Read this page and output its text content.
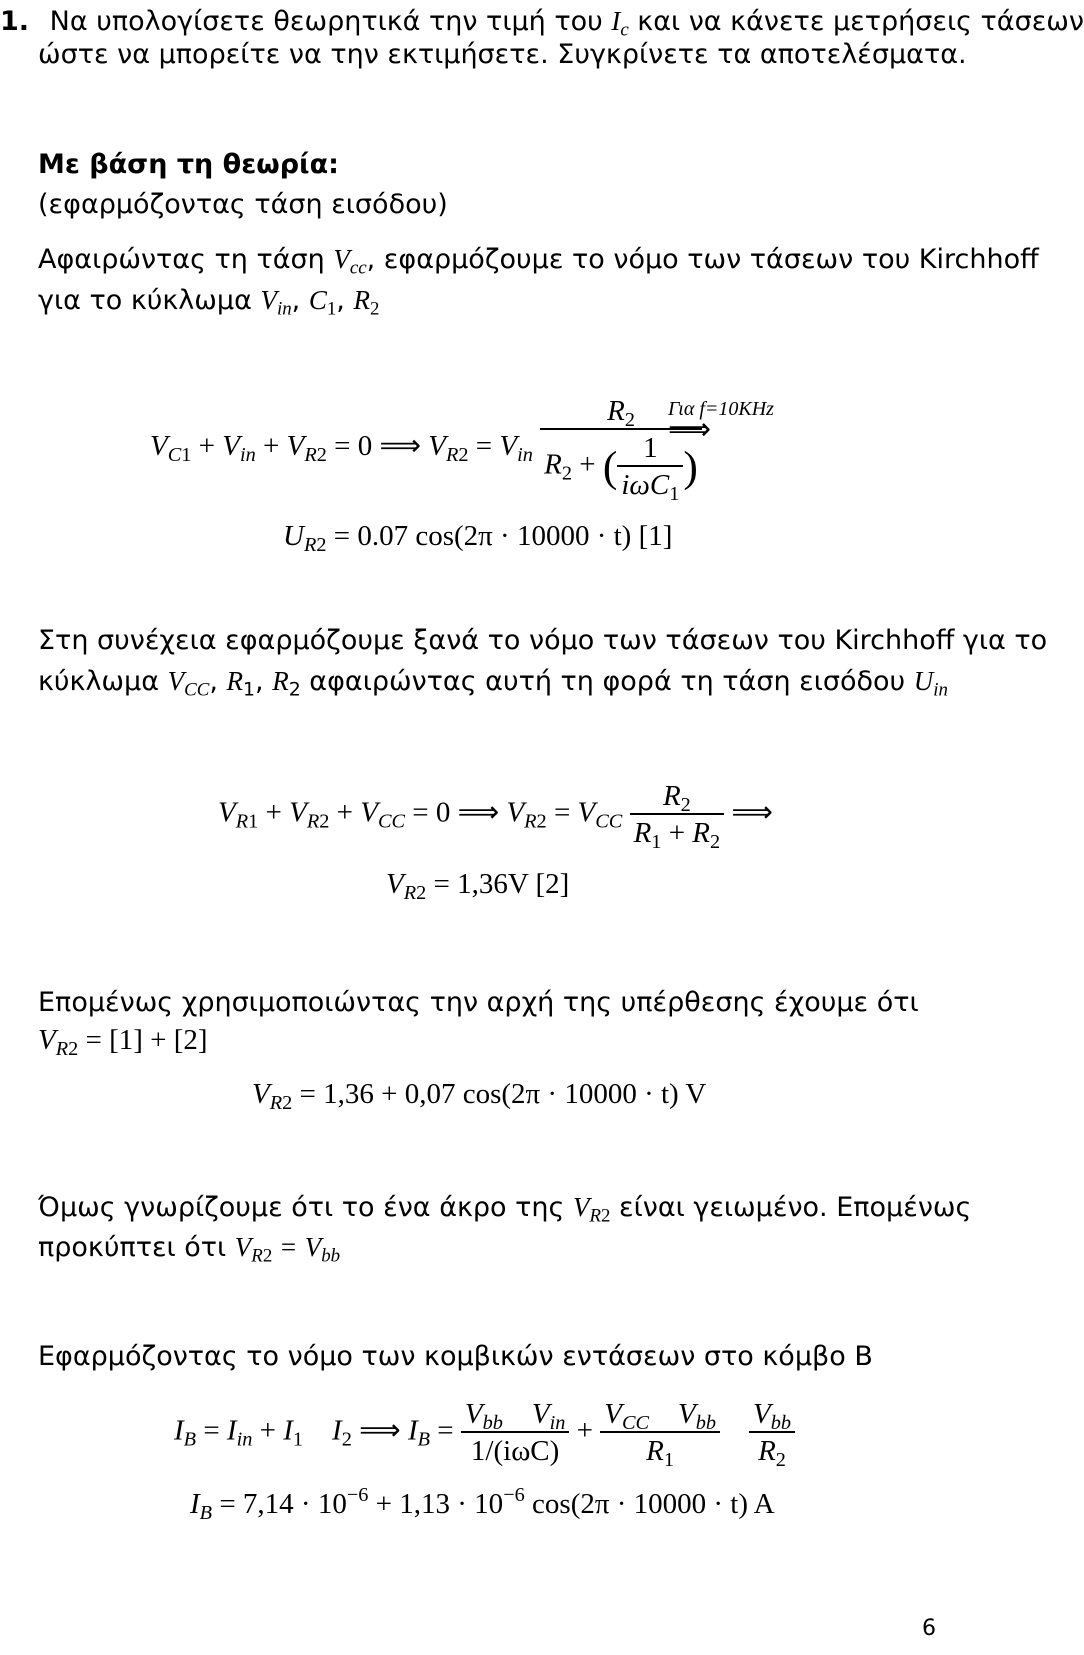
1. Να υπολογίσετε θεωρητικά την τιμή του $I_c$ και να κάνετε μετρήσεις τάσεων
ώστε να μπορείτε να την εκτιμήσετε. Συγκρίνετε τα αποτελέσματα.
Με βάση τη θεωρία:
(εφαρμόζοντας τάση εισόδου)
Αφαιρώντας τη τάση $V_{cc}$, εφαρμόζουμε το νόμο των τάσεων του Kirchhoff
για το κύκλωμα $V_{in}$, $C_1$, $R_2$
$V_{C1} + V_{in} + V_{R2} = 0$ ⟹ $V_{R2} = V_{in} \frac{R_2}{R_2 + ( \frac{1}{i\omega C_1} )}$
Για f=10KHz
⟹
$U_{R2} = 0.07$ cos(2π · 10000 · t) [1]
Στη συνέχεια εφαρμόζουμε ξανά το νόμο των τάσεων του Kirchhoff για το
κύκλωμα $V_{CC}$, $R_1$, $R_2$ αφαιρώντας αυτή τη φορά τη τάση εισόδου $U_{in}$
$V_{R1} + V_{R2} + V_{CC} = 0$ ⟹ $V_{R2} = V_{CC} \frac{R_2}{R_1 + R_2}$ ⟹
$V_{R2} = 1,36V$ [2]
Επομένως χρησιμοποιώντας την αρχή της υπέρθεσης έχουμε ότι
$V_{R2} = [1] + [2]$
$V_{R2} = 1,36 + 0,07$ cos(2π · 10000 · t) V
Όμως γνωρίζουμε ότι το ένα άκρο της $V_{R2}$ είναι γειωμένο. Επομένως
προκύπτει ότι $V_{R2} = V_{bb}$
Εφαρμόζοντας το νόμο των κομβικών εντάσεων στο κόμβο B
$I_B = I_{in} + I_1$ $I_2$ ⟹ $I_B = \frac{V_{bb} V_{in}}{\text{1/(iωC)}} + \frac{V_{CC} V_{bb}}{R_1}$
$\frac{V_{bb}}{R_2}$
$I_B = 7,14 \cdot 10^{-6} + 1,13 \cdot 10^{-6}$ cos(2π · 10000 · t) A
6
